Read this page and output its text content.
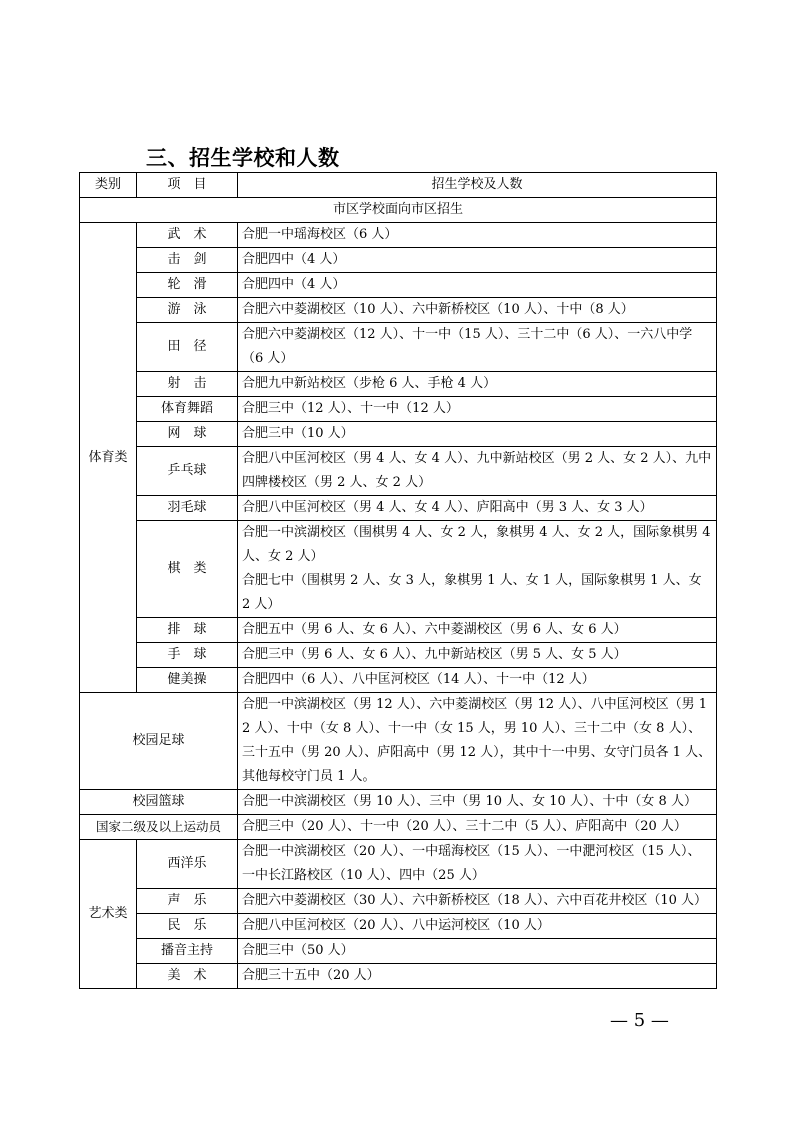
三、招生学校和人数
类别	项　目	招生学校及人数
市区学校面向市区招生		
体育类	武　术	合肥一中瑶海校区（6 人）
	击　剑	合肥四中（4 人）
	轮　滑	合肥四中（4 人）
	游　泳	合肥六中菱湖校区（10 人）、六中新桥校区（10 人）、十中（8 人）
	田　径	合肥六中菱湖校区（12 人）、十一中（15 人）、三十二中（6 人）、一六八中学（6 人）
	射　击	合肥九中新站校区（步枪 6 人、手枪 4 人）
	体育舞蹈	合肥三中（12 人）、十一中（12 人）
	网　球	合肥三中（10 人）
	乒乓球	合肥八中匡河校区（男 4 人、女 4 人）、九中新站校区（男 2 人、女 2 人）、九中四牌楼校区（男 2 人、女 2 人）
	羽毛球	合肥八中匡河校区（男 4 人、女 4 人）、庐阳高中（男 3 人、女 3 人）
	棋　类	合肥一中滨湖校区（围棋男 4 人、女 2 人，象棋男 4 人、女 2 人，国际象棋男 4 人、女 2 人）
合肥七中（围棋男 2 人、女 3 人，象棋男 1 人、女 1 人，国际象棋男 1 人、女 2 人）

	排　球	合肥五中（男 6 人、女 6 人）、六中菱湖校区（男 6 人、女 6 人）
	手　球	合肥三中（男 6 人、女 6 人）、九中新站校区（男 5 人、女 5 人）
	健美操	合肥四中（6 人）、八中匡河校区（14 人）、十一中（12 人）
校园足球		合肥一中滨湖校区（男 12 人）、六中菱湖校区（男 12 人）、八中匡河校区（男 12 人）、十中（女 8 人）、十一中（女 15 人，男 10 人）、三十二中（女 8 人）、三十五中（男 20 人）、庐阳高中（男 12 人），其中十一中男、女守门员各 1 人、其他每校守门员 1 人。
校园篮球		合肥一中滨湖校区（男 10 人）、三中（男 10 人、女 10 人）、十中（女 8 人）
国家二级及以上运动员		合肥三中（20 人）、十一中（20 人）、三十二中（5 人）、庐阳高中（20 人）
艺术类	西洋乐	合肥一中滨湖校区（20 人）、一中瑶海校区（15 人）、一中淝河校区（15 人）、一中长江路校区（10 人）、四中（25 人）
	声　乐	合肥六中菱湖校区（30 人）、六中新桥校区（18 人）、六中百花井校区（10 人）
	民　乐	合肥八中匡河校区（20 人）、八中运河校区（10 人）
	播音主持	合肥三中（50 人）
	美　术	合肥三十五中（20 人）
— 5 —
